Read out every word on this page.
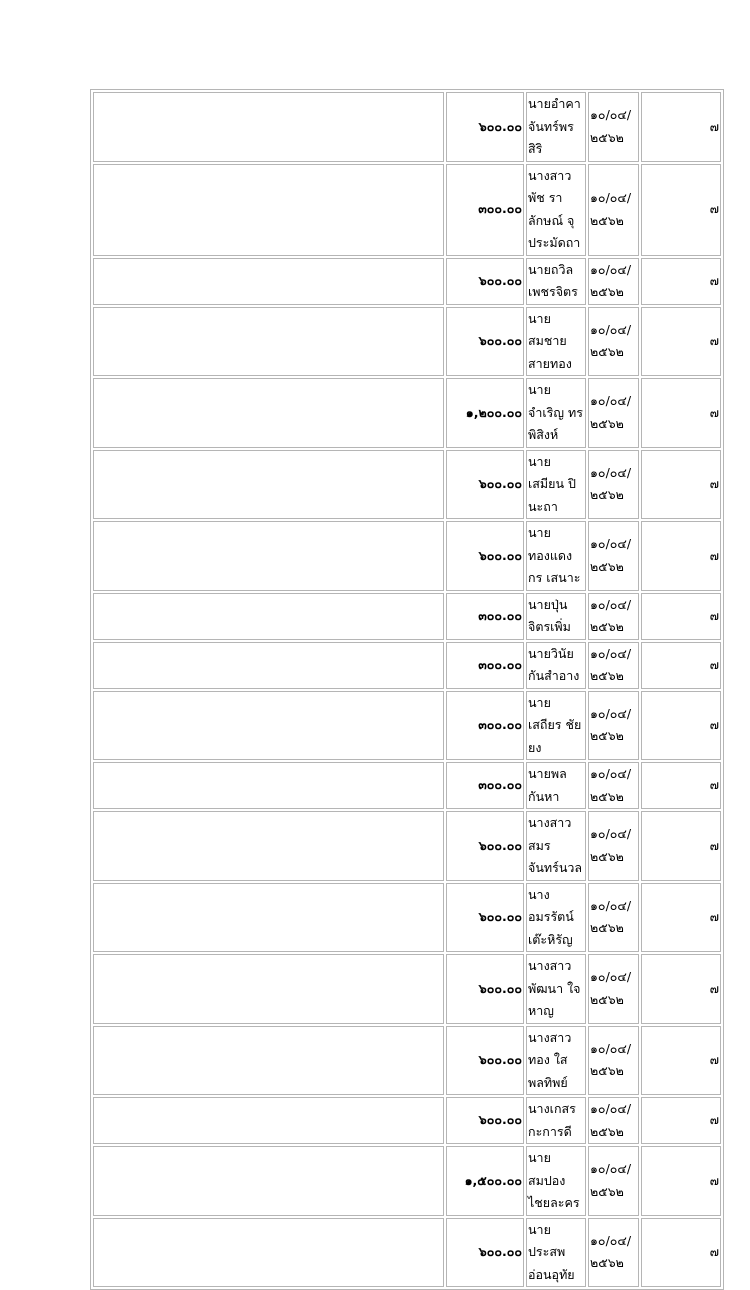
	๖๐๐.๐๐	นายอำคา จันทร์พรสิริ	๑๐/๐๔/ ๒๕๖๒	๗
	๓๐๐.๐๐	นางสาวพัช ราลักษณ์ จุประมัดถา	๑๐/๐๔/ ๒๕๖๒	๗
	๖๐๐.๐๐	นายถวิล เพชรจิตร	๑๐/๐๔/ ๒๕๖๒	๗
	๖๐๐.๐๐	นายสมชาย สายทอง	๑๐/๐๔/ ๒๕๖๒	๗
	๑,๒๐๐.๐๐	นายจำเริญ ทรพิสิงห์	๑๐/๐๔/ ๒๕๖๒	๗
	๖๐๐.๐๐	นายเสมียน ปินะถา	๑๐/๐๔/ ๒๕๖๒	๗
	๖๐๐.๐๐	นาย ทองแดง กร เสนาะ	๑๐/๐๔/ ๒๕๖๒	๗
	๓๐๐.๐๐	นายปุ่น จิตรเพิ่ม	๑๐/๐๔/ ๒๕๖๒	๗
	๓๐๐.๐๐	นายวินัย กันสำอาง	๑๐/๐๔/ ๒๕๖๒	๗
	๓๐๐.๐๐	นายเสถียร ชัยยง	๑๐/๐๔/ ๒๕๖๒	๗
	๓๐๐.๐๐	นายพล กันหา	๑๐/๐๔/ ๒๕๖๒	๗
	๖๐๐.๐๐	นางสาวสมร จันทร์นวล	๑๐/๐๔/ ๒๕๖๒	๗
	๖๐๐.๐๐	นาง อมรรัตน์ เต๊ะหิรัญ	๑๐/๐๔/ ๒๕๖๒	๗
	๖๐๐.๐๐	นางสาว พัฒนา ใจ หาญ	๑๐/๐๔/ ๒๕๖๒	๗
	๖๐๐.๐๐	นางสาวทอง ใส พลทิพย์	๑๐/๐๔/ ๒๕๖๒	๗
	๖๐๐.๐๐	นางเกสร กะการดี	๑๐/๐๔/ ๒๕๖๒	๗
	๑,๕๐๐.๐๐	นายสมปอง ไชยละคร	๑๐/๐๔/ ๒๕๖๒	๗
	๖๐๐.๐๐	นายประสพ อ่อนอุทัย	๑๐/๐๔/ ๒๕๖๒	๗
